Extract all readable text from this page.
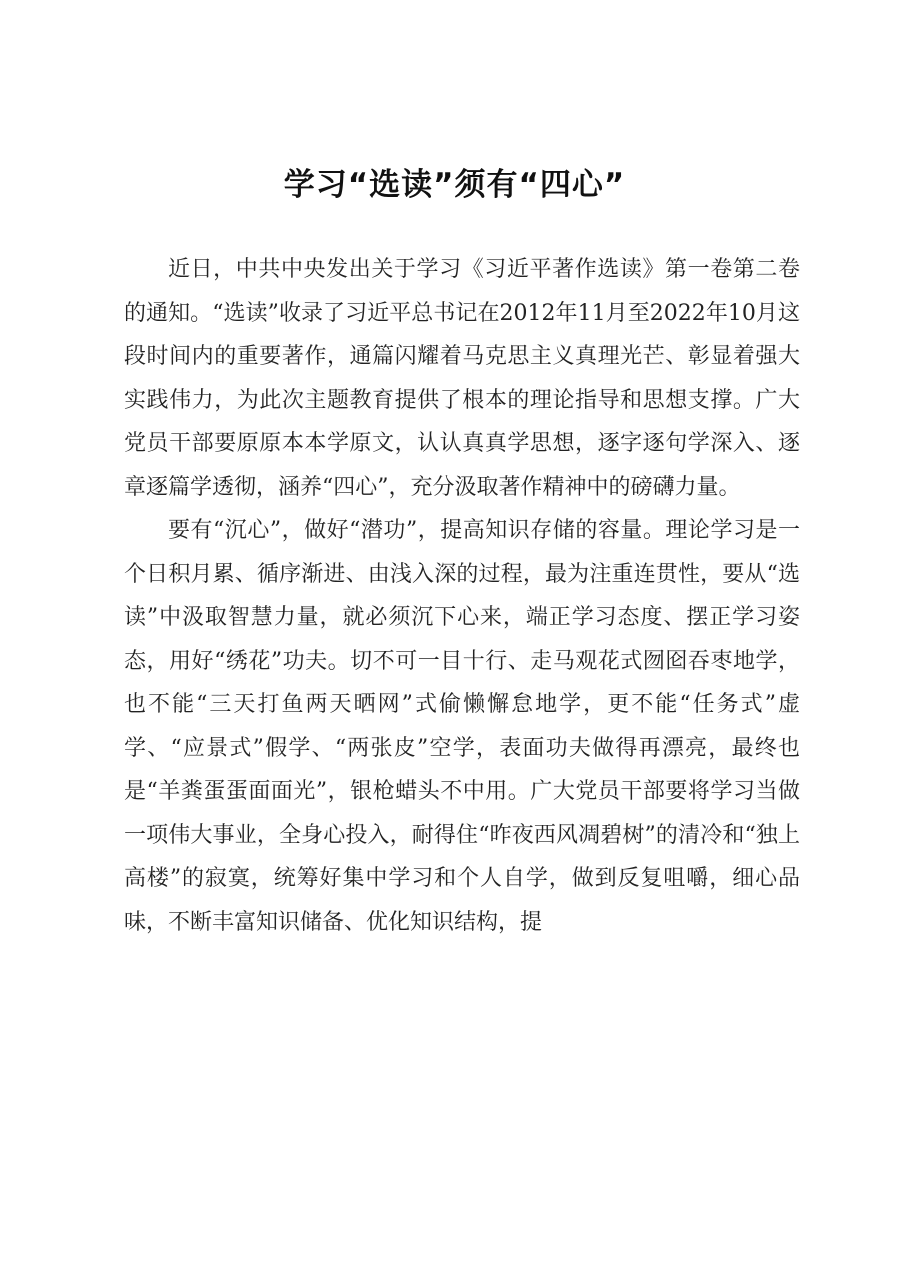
学习“选读”须有“四心”

近日，中共中央发出关于学习《习近平著作选读》第一卷第二卷的通知。“选读”收录了习近平总书记在2012年11月至2022年10月这段时间内的重要著作，通篇闪耀着马克思主义真理光芒、彰显着强大实践伟力，为此次主题教育提供了根本的理论指导和思想支撑。广大党员干部要原原本本学原文，认认真真学思想，逐字逐句学深入、逐章逐篇学透彻，涵养“四心”，充分汲取著作精神中的磅礴力量。

要有“沉心”，做好“潜功”，提高知识存储的容量。理论学习是一个日积月累、循序渐进、由浅入深的过程，最为注重连贯性，要从“选读”中汲取智慧力量，就必须沉下心来，端正学习态度、摆正学习姿态，用好“绣花”功夫。切不可一目十行、走马观花式囫囵吞枣地学，也不能“三天打鱼两天晒网”式偷懒懈怠地学，更不能“任务式”虚学、“应景式”假学、“两张皮”空学，表面功夫做得再漂亮，最终也是“羊粪蛋蛋面面光”，银枪蜡头不中用。广大党员干部要将学习当做一项伟大事业，全身心投入，耐得住“昨夜西风凋碧树”的清冷和“独上高楼”的寂寞，统筹好集中学习和个人自学，做到反复咀嚼，细心品味，不断丰富知识储备、优化知识结构，提
